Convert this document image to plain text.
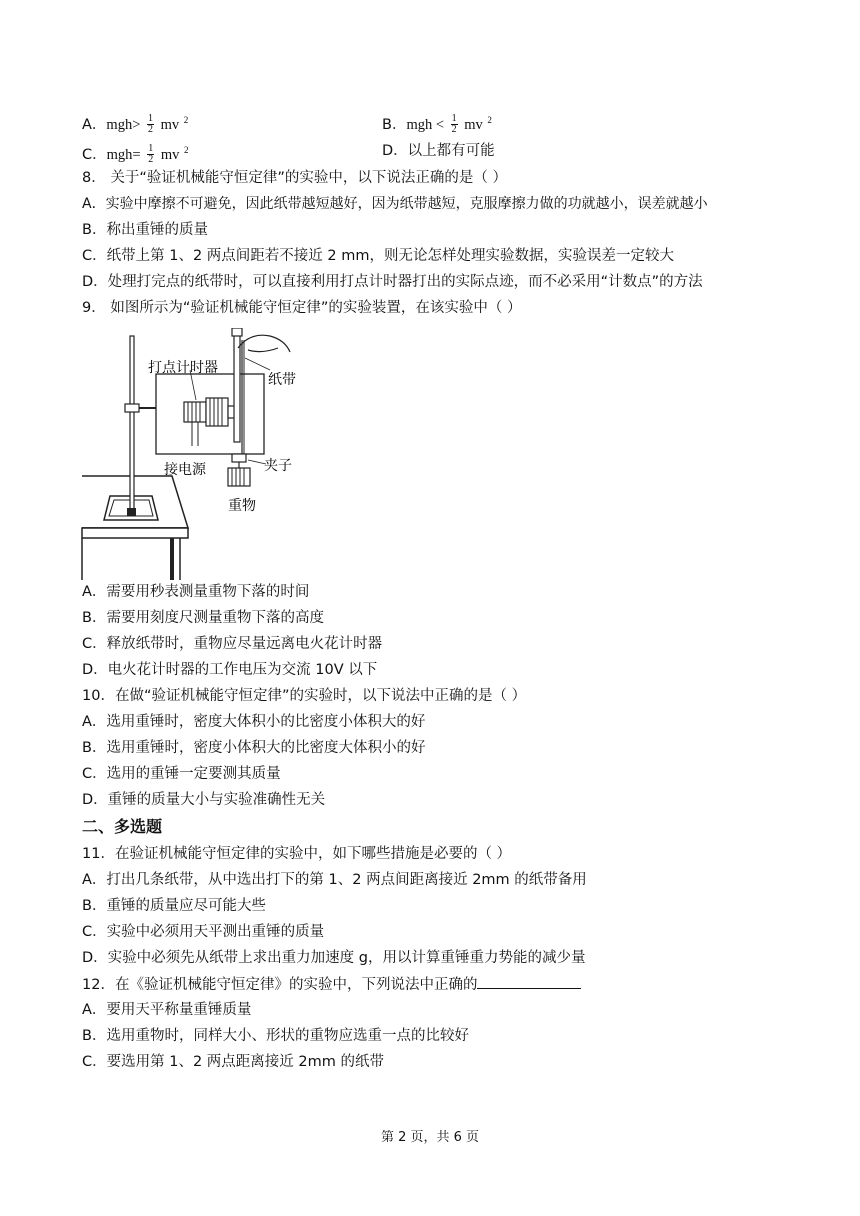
A．$mgh> \frac{1}{2}$ mv $^2$	B．mgh < $\frac{1}{2}$ mv $^2$
C．$mgh= \frac{1}{2}$ mv $^2$	D．以上都有可能
8． 关于“验证机械能守恒定律”的实验中，以下说法正确的是（ ）
A．实验中摩擦不可避免，因此纸带越短越好，因为纸带越短，克服摩擦力做的功就越小，误差就越小
B．称出重锤的质量
C．纸带上第 1、2 两点间距若不接近 2 mm，则无论怎样处理实验数据，实验误差一定较大
D．处理打完点的纸带时，可以直接利用打点计时器打出的实际点迹，而不必采用“计数点”的方法
9． 如图所示为“验证机械能守恒定律”的实验装置，在该实验中（ ）
打点计时器
纸带
接电源	夹子
重物
A．需要用秒表测量重物下落的时间
B．需要用刻度尺测量重物下落的高度
C．释放纸带时，重物应尽量远离电火花计时器
D．电火花计时器的工作电压为交流 10V 以下
10．在做“验证机械能守恒定律”的实验时，以下说法中正确的是（ ）
A．选用重锤时，密度大体积小的比密度小体积大的好
B．选用重锤时，密度小体积大的比密度大体积小的好
C．选用的重锤一定要测其质量
D．重锤的质量大小与实验准确性无关
二、多选题
11．在验证机械能守恒定律的实验中，如下哪些措施是必要的（ ）
A．打出几条纸带，从中选出打下的第 1、2 两点间距离接近 2mm 的纸带备用
B．重锤的质量应尽可能大些
C．实验中必须用天平测出重锤的质量
D．实验中必须先从纸带上求出重力加速度 g，用以计算重锤重力势能的减少量
12．在《验证机械能守恒定律》的实验中，下列说法中正确的
A．要用天平称量重锤质量
B．选用重物时，同样大小、形状的重物应选重一点的比较好
C．要选用第 1、2 两点距离接近 2mm 的纸带
第 2 页，共 6 页
